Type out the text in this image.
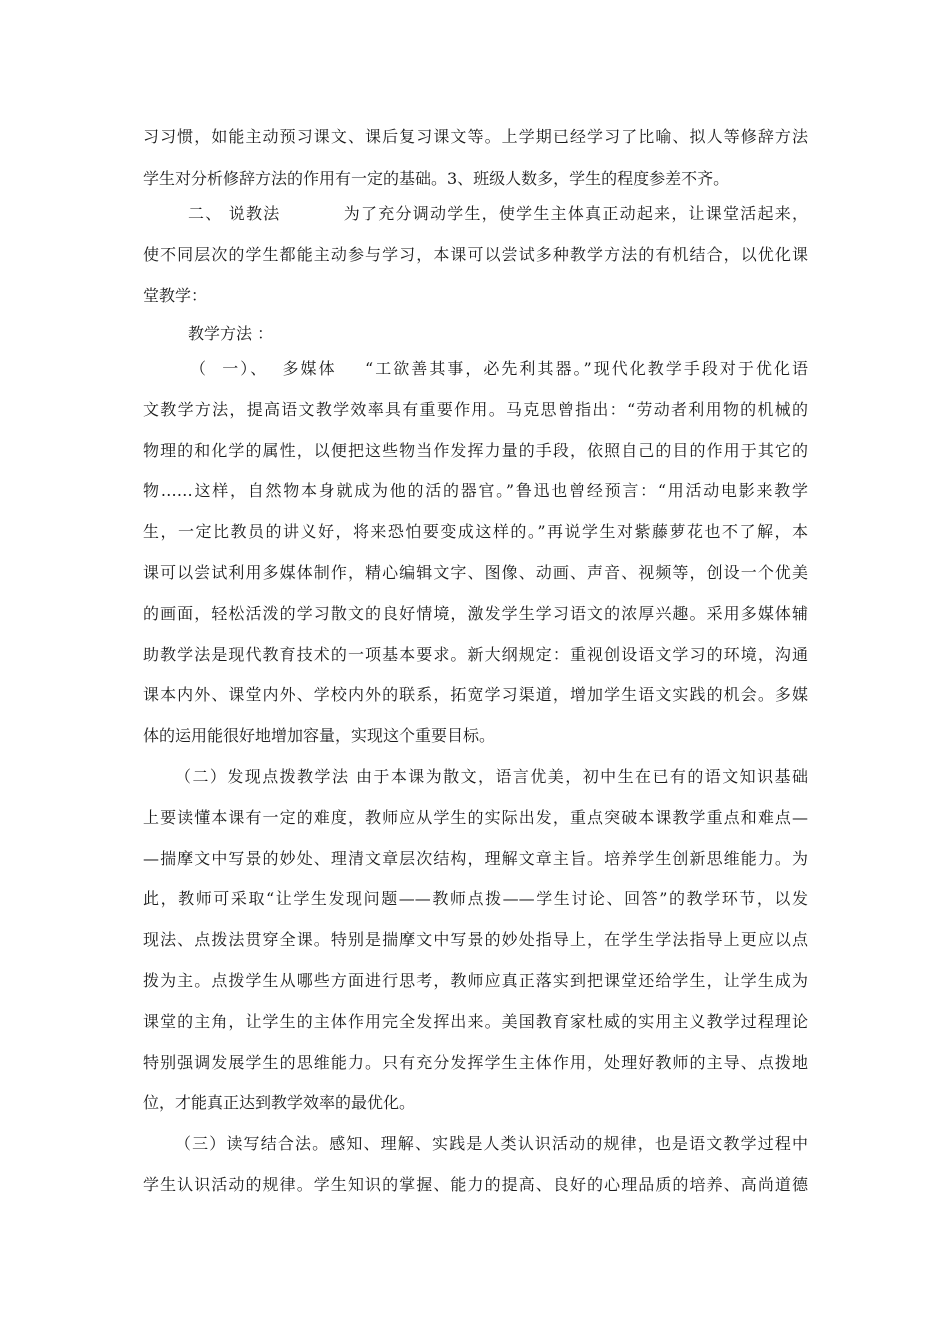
习习惯，如能主动预习课文、课后复习课文等。上学期已经学习了比喻、拟人等修辞方法
学生对分析修辞方法的作用有一定的基础。3、班级人数多，学生的程度参差不齐。
二、 说教法          为了充分调动学生，使学生主体真正动起来，让课堂活起来，
使不同层次的学生都能主动参与学习，本课可以尝试多种教学方法的有机结合，以优化课
堂教学：
教学方法 ：
（  一）、  多媒体    “工欲善其事，必先利其器。”现代化教学手段对于优化语
文教学方法，提高语文教学效率具有重要作用。马克思曾指出：“劳动者利用物的机械的
物理的和化学的属性，以便把这些物当作发挥力量的手段，依照自己的目的作用于其它的
物……这样，自然物本身就成为他的活的器官。”鲁迅也曾经预言：“用活动电影来教学
生，一定比教员的讲义好，将来恐怕要变成这样的。”再说学生对紫藤萝花也不了解，本
课可以尝试利用多媒体制作，精心编辑文字、图像、动画、声音、视频等，创设一个优美
的画面，轻松活泼的学习散文的良好情境，激发学生学习语文的浓厚兴趣。采用多媒体辅
助教学法是现代教育技术的一项基本要求。新大纲规定：重视创设语文学习的环境，沟通
课本内外、课堂内外、学校内外的联系，拓宽学习渠道，增加学生语文实践的机会。多媒
体的运用能很好地增加容量，实现这个重要目标。
（二）发现点拨教学法 由于本课为散文，语言优美，初中生在已有的语文知识基础
上要读懂本课有一定的难度，教师应从学生的实际出发，重点突破本课教学重点和难点—
—揣摩文中写景的妙处、理清文章层次结构，理解文章主旨。培养学生创新思维能力。为
此，教师可采取“让学生发现问题——教师点拨——学生讨论、回答”的教学环节，以发
现法、点拨法贯穿全课。特别是揣摩文中写景的妙处指导上，在学生学法指导上更应以点
拨为主。点拨学生从哪些方面进行思考，教师应真正落实到把课堂还给学生，让学生成为
课堂的主角，让学生的主体作用完全发挥出来。美国教育家杜威的实用主义教学过程理论
特别强调发展学生的思维能力。只有充分发挥学生主体作用，处理好教师的主导、点拨地
位，才能真正达到教学效率的最优化。
（三）读写结合法。感知、理解、实践是人类认识活动的规律，也是语文教学过程中
学生认识活动的规律。学生知识的掌握、能力的提高、良好的心理品质的培养、高尚道德
